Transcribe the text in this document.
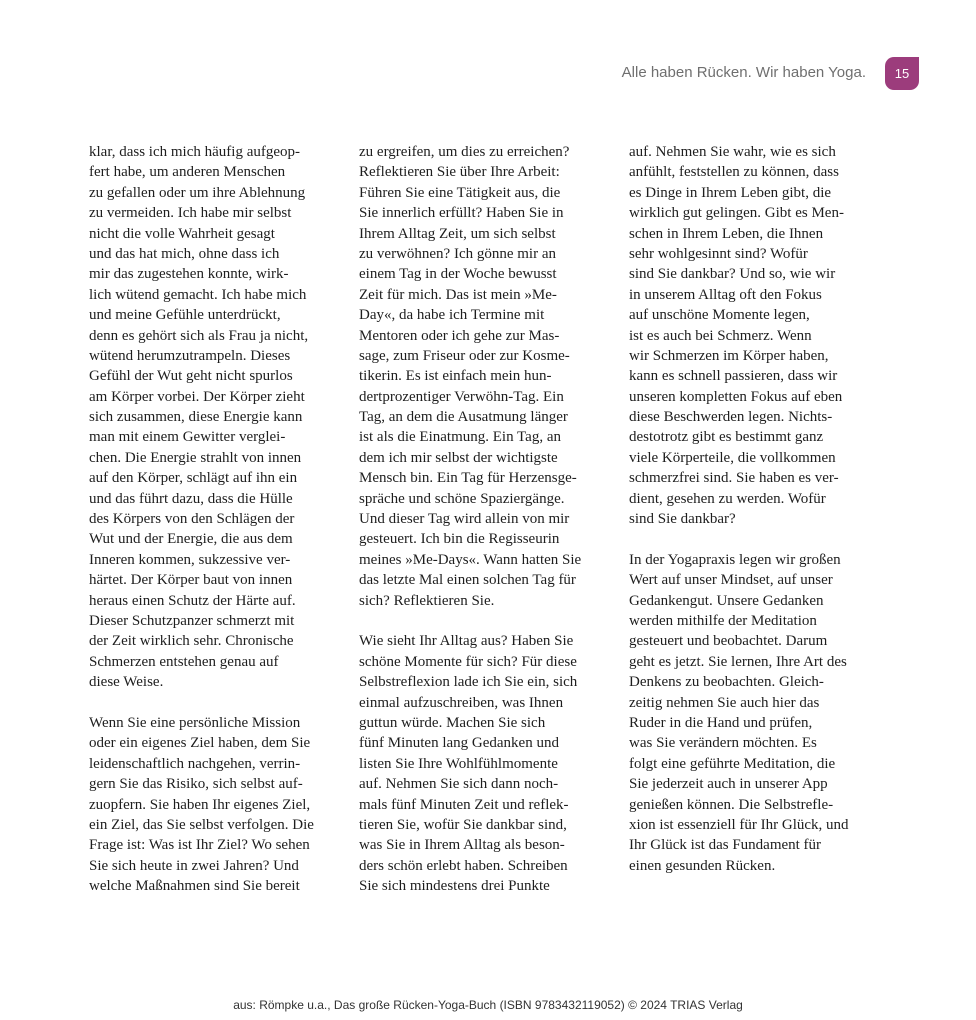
Alle haben Rücken. Wir haben Yoga.	15
klar, dass ich mich häufig aufgeop-
fert habe, um anderen Menschen
zu gefallen oder um ihre Ablehnung
zu vermeiden. Ich habe mir selbst
nicht die volle Wahrheit gesagt
und das hat mich, ohne dass ich
mir das zugestehen konnte, wirk-
lich wütend gemacht. Ich habe mich
und meine Gefühle unterdrückt,
denn es gehört sich als Frau ja nicht,
wütend herumzutrampeln. Dieses
Gefühl der Wut geht nicht spurlos
am Körper vorbei. Der Körper zieht
sich zusammen, diese Energie kann
man mit einem Gewitter verglei-
chen. Die Energie strahlt von innen
auf den Körper, schlägt auf ihn ein
und das führt dazu, dass die Hülle
des Körpers von den Schlägen der
Wut und der Energie, die aus dem
Inneren kommen, sukzessive ver-
härtet. Der Körper baut von innen
heraus einen Schutz der Härte auf.
Dieser Schutzpanzer schmerzt mit
der Zeit wirklich sehr. Chronische
Schmerzen entstehen genau auf
diese Weise.
Wenn Sie eine persönliche Mission
oder ein eigenes Ziel haben, dem Sie
leidenschaftlich nachgehen, verrin-
gern Sie das Risiko, sich selbst auf-
zuopfern. Sie haben Ihr eigenes Ziel,
ein Ziel, das Sie selbst verfolgen. Die
Frage ist: Was ist Ihr Ziel? Wo sehen
Sie sich heute in zwei Jahren? Und
welche Maßnahmen sind Sie bereit
zu ergreifen, um dies zu erreichen?
Reflektieren Sie über Ihre Arbeit:
Führen Sie eine Tätigkeit aus, die
Sie innerlich erfüllt? Haben Sie in
Ihrem Alltag Zeit, um sich selbst
zu verwöhnen? Ich gönne mir an
einem Tag in der Woche bewusst
Zeit für mich. Das ist mein »Me-
Day«, da habe ich Termine mit
Mentoren oder ich gehe zur Mas-
sage, zum Friseur oder zur Kosme-
tikerin. Es ist einfach mein hun-
dertprozentiger Verwöhn-Tag. Ein
Tag, an dem die Ausatmung länger
ist als die Einatmung. Ein Tag, an
dem ich mir selbst der wichtigste
Mensch bin. Ein Tag für Herzensge-
spräche und schöne Spaziergänge.
Und dieser Tag wird allein von mir
gesteuert. Ich bin die Regisseurin
meines »Me-Days«. Wann hatten Sie
das letzte Mal einen solchen Tag für
sich? Reflektieren Sie.
Wie sieht Ihr Alltag aus? Haben Sie
schöne Momente für sich? Für diese
Selbstreflexion lade ich Sie ein, sich
einmal aufzuschreiben, was Ihnen
guttun würde. Machen Sie sich
fünf Minuten lang Gedanken und
listen Sie Ihre Wohlfühlmomente
auf. Nehmen Sie sich dann noch-
mals fünf Minuten Zeit und reflek-
tieren Sie, wofür Sie dankbar sind,
was Sie in Ihrem Alltag als beson-
ders schön erlebt haben. Schreiben
Sie sich mindestens drei Punkte
auf. Nehmen Sie wahr, wie es sich
anfühlt, feststellen zu können, dass
es Dinge in Ihrem Leben gibt, die
wirklich gut gelingen. Gibt es Men-
schen in Ihrem Leben, die Ihnen
sehr wohlgesinnt sind? Wofür
sind Sie dankbar? Und so, wie wir
in unserem Alltag oft den Fokus
auf unschöne Momente legen,
ist es auch bei Schmerz. Wenn
wir Schmerzen im Körper haben,
kann es schnell passieren, dass wir
unseren kompletten Fokus auf eben
diese Beschwerden legen. Nichts-
destotrotz gibt es bestimmt ganz
viele Körperteile, die vollkommen
schmerzfrei sind. Sie haben es ver-
dient, gesehen zu werden. Wofür
sind Sie dankbar?
In der Yogapraxis legen wir großen
Wert auf unser Mindset, auf unser
Gedankengut. Unsere Gedanken
werden mithilfe der Meditation
gesteuert und beobachtet. Darum
geht es jetzt. Sie lernen, Ihre Art des
Denkens zu beobachten. Gleich-
zeitig nehmen Sie auch hier das
Ruder in die Hand und prüfen,
was Sie verändern möchten. Es
folgt eine geführte Meditation, die
Sie jederzeit auch in unserer App
genießen können. Die Selbstrefle-
xion ist essenziell für Ihr Glück, und
Ihr Glück ist das Fundament für
einen gesunden Rücken.
aus: Römpke u.a., Das große Rücken-Yoga-Buch (ISBN 9783432119052) © 2024 TRIAS Verlag
